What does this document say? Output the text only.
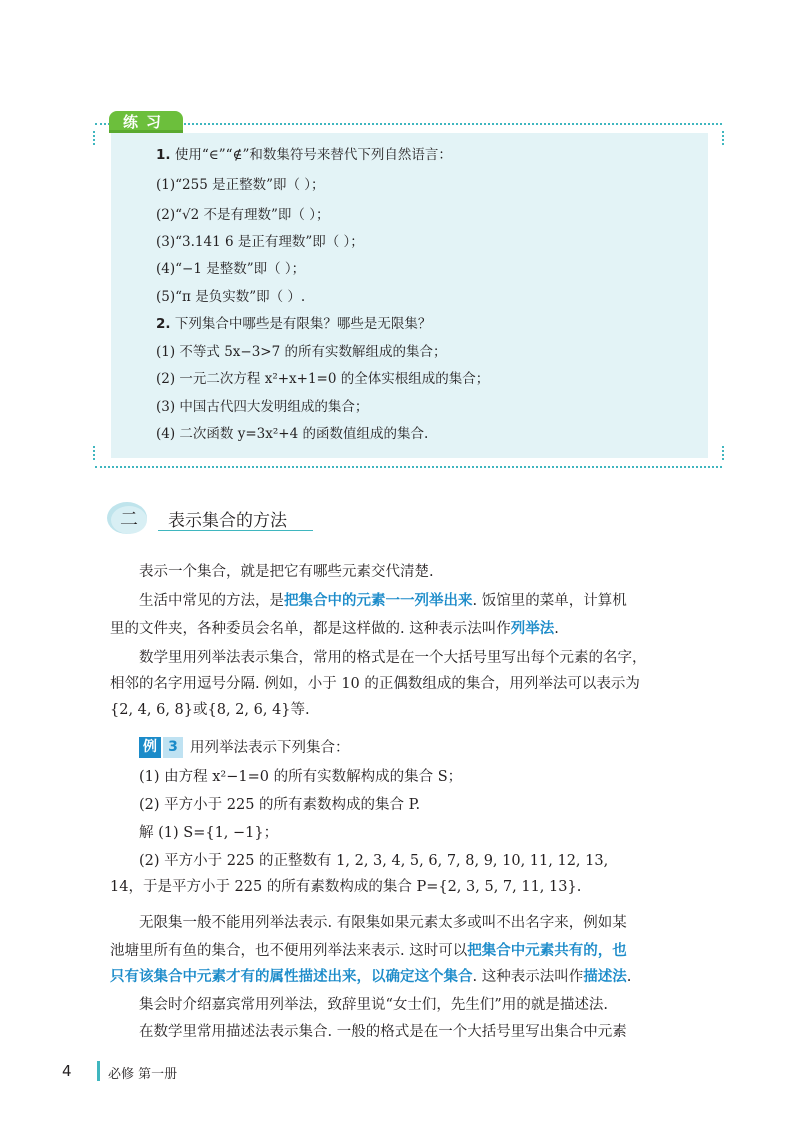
练习
1. 使用“∈”“∉”和数集符号来替代下列自然语言：
(1)“255 是正整数”即（ ）；
(2)“√2 不是有理数”即（ ）；
(3)“3.141 6 是正有理数”即（ ）；
(4)“−1 是整数”即（ ）；
(5)“π 是负实数”即（ ）.
2. 下列集合中哪些是有限集？哪些是无限集？
(1) 不等式 5x−3>7 的所有实数解组成的集合；
(2) 一元二次方程 x²+x+1=0 的全体实根组成的集合；
(3) 中国古代四大发明组成的集合；
(4) 二次函数 y=3x²+4 的函数值组成的集合.
二	表示集合的方法
表示一个集合，就是把它有哪些元素交代清楚.
生活中常见的方法，是把集合中的元素一一列举出来. 饭馆里的菜单，计算机
里的文件夹，各种委员会名单，都是这样做的. 这种表示法叫作列举法.
数学里用列举法表示集合，常用的格式是在一个大括号里写出每个元素的名字，
相邻的名字用逗号分隔. 例如，小于 10 的正偶数组成的集合，用列举法可以表示为
{2, 4, 6, 8}或{8, 2, 6, 4}等.
例 3 用列举法表示下列集合：
(1) 由方程 x²−1=0 的所有实数解构成的集合 S；
(2) 平方小于 225 的所有素数构成的集合 P.
解 (1) S={1, −1}；
(2) 平方小于 225 的正整数有 1, 2, 3, 4, 5, 6, 7, 8, 9, 10, 11, 12, 13,
14，于是平方小于 225 的所有素数构成的集合 P={2, 3, 5, 7, 11, 13}.
无限集一般不能用列举法表示. 有限集如果元素太多或叫不出名字来，例如某
池塘里所有鱼的集合，也不便用列举法来表示. 这时可以把集合中元素共有的，也
只有该集合中元素才有的属性描述出来，以确定这个集合. 这种表示法叫作描述法.
集会时介绍嘉宾常用列举法，致辞里说“女士们，先生们”用的就是描述法.
在数学里常用描述法表示集合. 一般的格式是在一个大括号里写出集合中元素
4	必修 第一册
